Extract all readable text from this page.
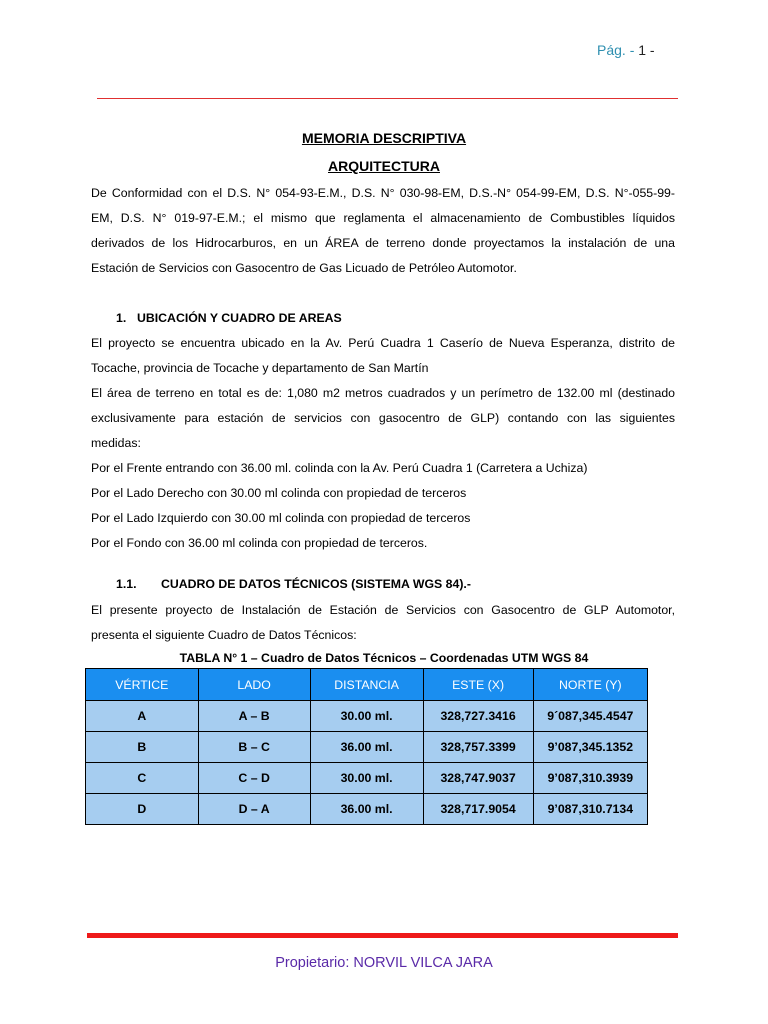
Pág. - 1 -
MEMORIA DESCRIPTIVA
ARQUITECTURA
De Conformidad con el D.S. N° 054-93-E.M., D.S. N° 030-98-EM, D.S.-N° 054-99-EM, D.S. N°-055-99-
EM, D.S. N° 019-97-E.M.; el mismo que reglamenta el almacenamiento de Combustibles líquidos
derivados de los Hidrocarburos, en un ÁREA de terreno donde proyectamos la instalación de una
Estación de Servicios con Gasocentro de Gas Licuado de Petróleo Automotor.
1. UBICACIÓN Y CUADRO DE AREAS
El proyecto se encuentra ubicado en la Av. Perú Cuadra 1 Caserío de Nueva Esperanza, distrito de
Tocache, provincia de Tocache y departamento de San Martín
El área de terreno en total es de: 1,080 m2 metros cuadrados y un perímetro de 132.00 ml (destinado
exclusivamente para estación de servicios con gasocentro de GLP) contando con las siguientes
medidas:
Por el Frente entrando con 36.00 ml. colinda con la Av. Perú Cuadra 1 (Carretera a Uchiza)
Por el Lado Derecho con 30.00 ml colinda con propiedad de terceros
Por el Lado Izquierdo con 30.00 ml colinda con propiedad de terceros
Por el Fondo con 36.00 ml colinda con propiedad de terceros.
1.1. CUADRO DE DATOS TÉCNICOS (SISTEMA WGS 84).-
El presente proyecto de Instalación de Estación de Servicios con Gasocentro de GLP Automotor,
presenta el siguiente Cuadro de Datos Técnicos:
TABLA N° 1 – Cuadro de Datos Técnicos – Coordenadas UTM WGS 84
VÉRTICE	LADO	DISTANCIA	ESTE (X)	NORTE (Y)
A	A – B	30.00 ml.	328,727.3416	9´087,345.4547
B	B – C	36.00 ml.	328,757.3399	9’087,345.1352
C	C – D	30.00 ml.	328,747.9037	9’087,310.3939
D	D – A	36.00 ml.	328,717.9054	9’087,310.7134
Propietario: NORVIL VILCA JARA
